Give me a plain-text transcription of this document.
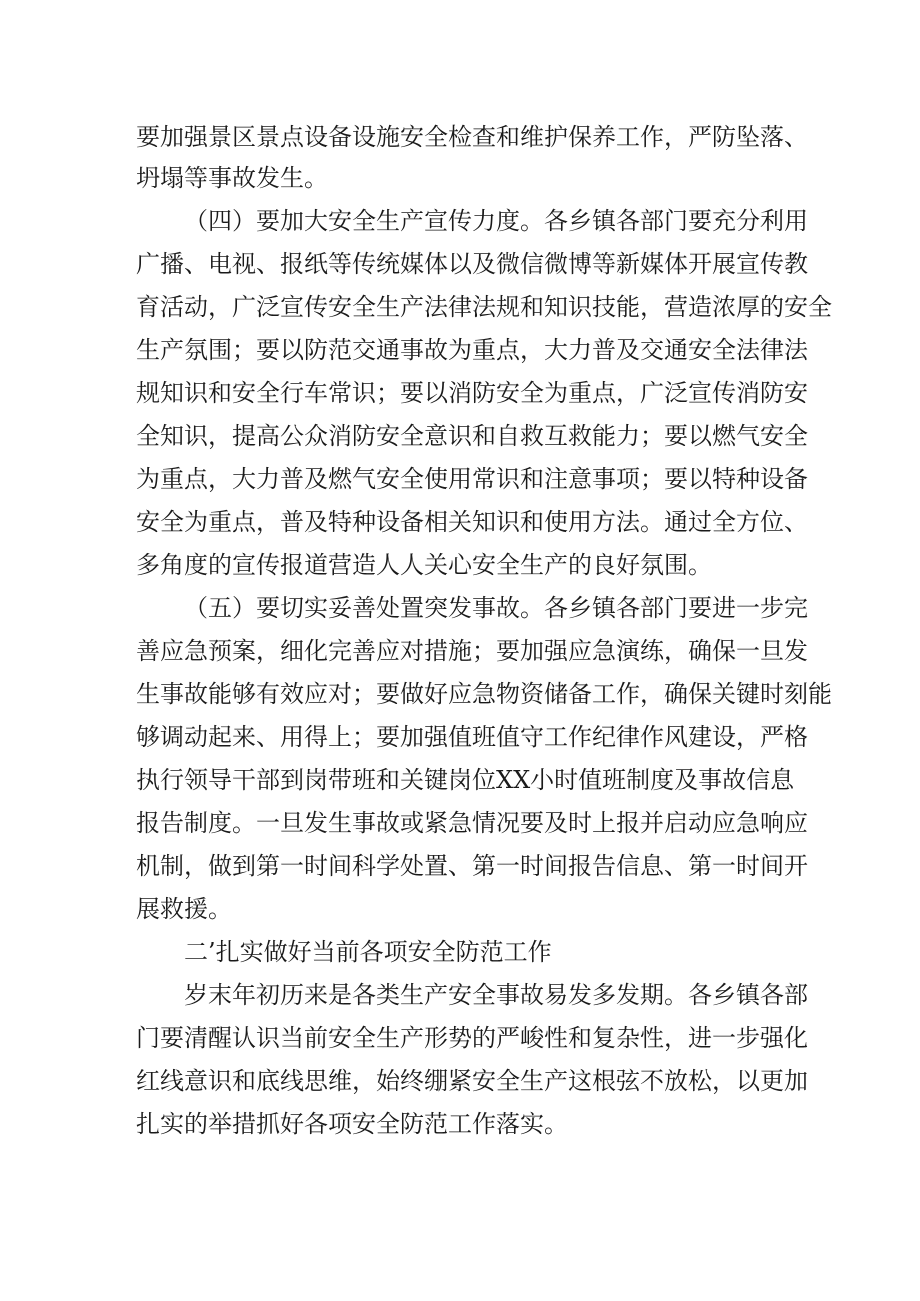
要加强景区景点设备设施安全检查和维护保养工作，严防坠落、
坍塌等事故发生。
（四）要加大安全生产宣传力度。各乡镇各部门要充分利用
广播、电视、报纸等传统媒体以及微信微博等新媒体开展宣传教
育活动，广泛宣传安全生产法律法规和知识技能，营造浓厚的安全
生产氛围；要以防范交通事故为重点，大力普及交通安全法律法
规知识和安全行车常识；要以消防安全为重点，广泛宣传消防安
全知识，提高公众消防安全意识和自救互救能力；要以燃气安全
为重点，大力普及燃气安全使用常识和注意事项；要以特种设备
安全为重点，普及特种设备相关知识和使用方法。通过全方位、
多角度的宣传报道营造人人关心安全生产的良好氛围。
（五）要切实妥善处置突发事故。各乡镇各部门要进一步完
善应急预案，细化完善应对措施；要加强应急演练，确保一旦发
生事故能够有效应对；要做好应急物资储备工作，确保关键时刻能
够调动起来、用得上；要加强值班值守工作纪律作风建设，严格
执行领导干部到岗带班和关键岗位XX小时值班制度及事故信息
报告制度。一旦发生事故或紧急情况要及时上报并启动应急响应
机制，做到第一时间科学处置、第一时间报告信息、第一时间开
展救援。
二’扎实做好当前各项安全防范工作
岁末年初历来是各类生产安全事故易发多发期。各乡镇各部
门要清醒认识当前安全生产形势的严峻性和复杂性，进一步强化
红线意识和底线思维，始终绷紧安全生产这根弦不放松，以更加
扎实的举措抓好各项安全防范工作落实。
